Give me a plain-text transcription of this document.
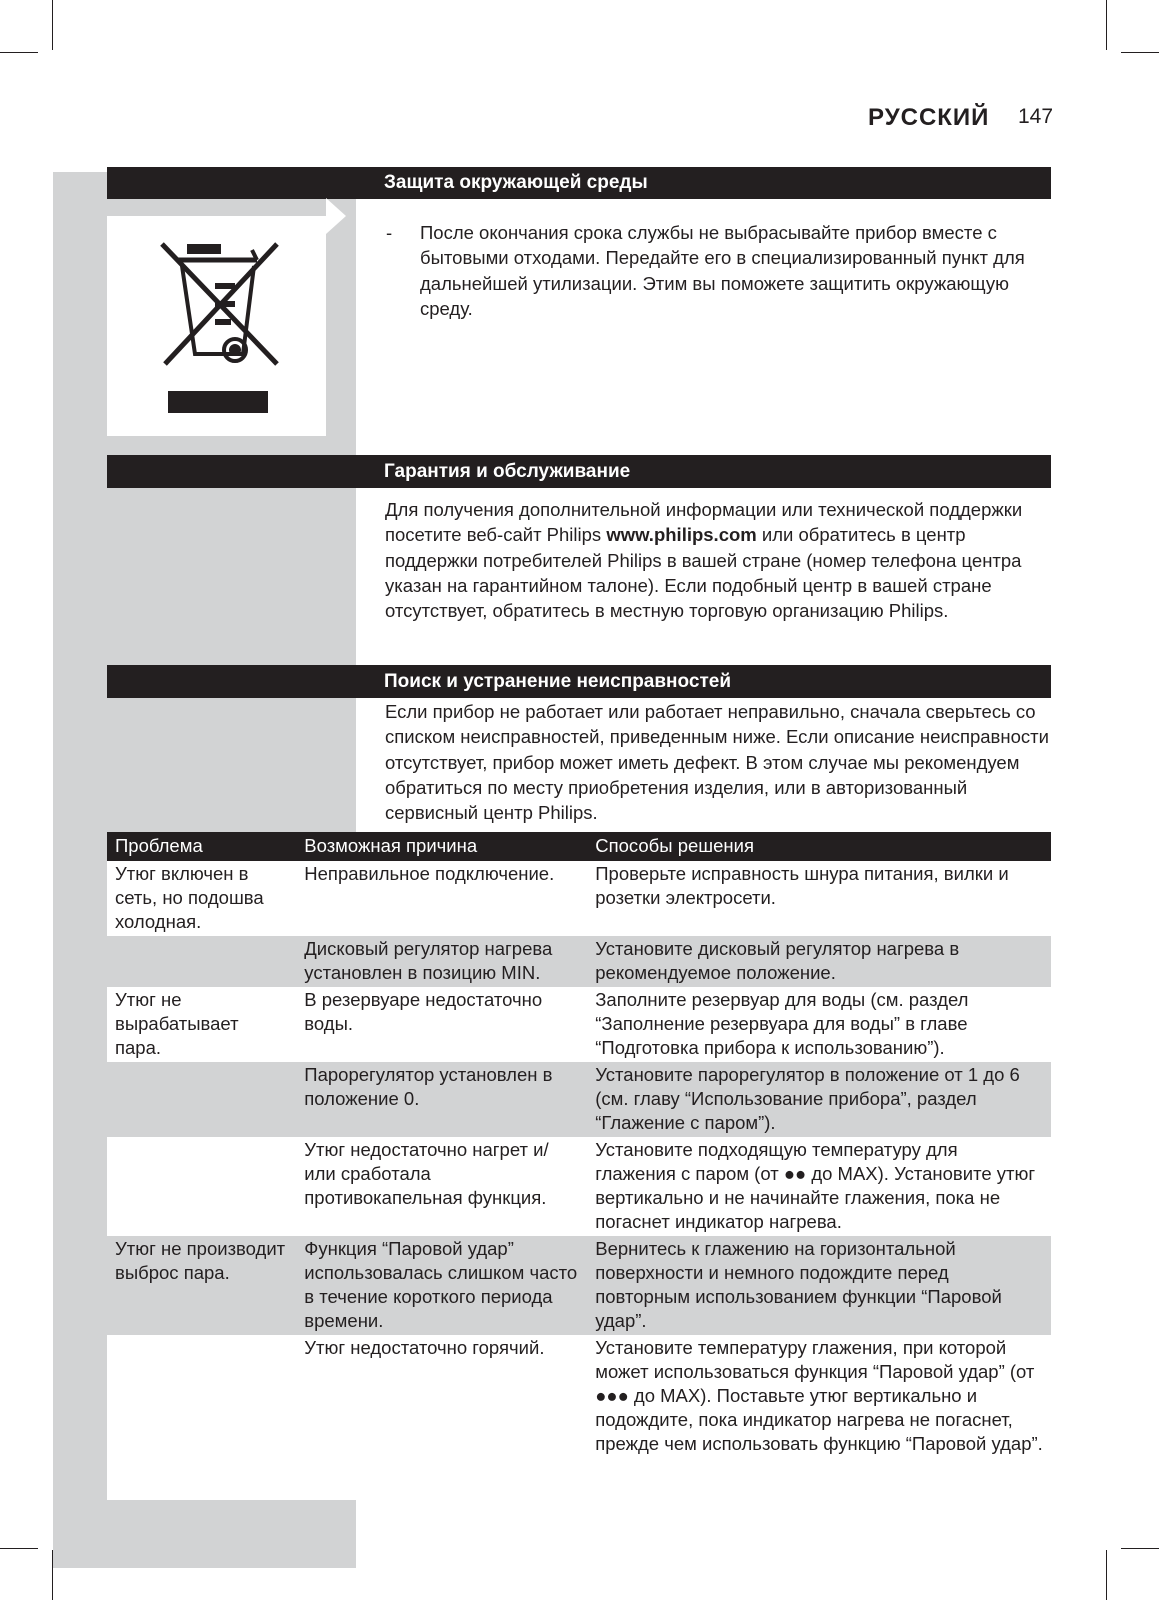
РУССКИЙ 147
Защита окружающей среды
- После окончания срока службы не выбрасывайте прибор вместе с бытовыми отходами. Передайте его в специализированный пункт для дальнейшей утилизации. Этим вы поможете защитить окружающую среду.
Гарантия и обслуживание
Для получения дополнительной информации или технической поддержки посетите веб-сайт Philips www.philips.com или обратитесь в центр поддержки потребителей Philips в вашей стране (номер телефона центра указан на гарантийном талоне). Если подобный центр в вашей стране отсутствует, обратитесь в местную торговую организацию Philips.
Поиск и устранение неисправностей
Если прибор не работает или работает неправильно, сначала сверьтесь со списком неисправностей, приведенным ниже. Если описание неисправности отсутствует, прибор может иметь дефект. В этом случае мы рекомендуем обратиться по месту приобретения изделия, или в авторизованный сервисный центр Philips.
Проблема	Возможная причина	Способы решения
Утюг включен в сеть, но подошва холодная.	Неправильное подключение.	Проверьте исправность шнура питания, вилки и розетки электросети.
	Дисковый регулятор нагрева установлен в позицию MIN.	Установите дисковый регулятор нагрева в рекомендуемое положение.
Утюг не вырабатывает пара.	В резервуаре недостаточно воды.	Заполните резервуар для воды (см. раздел “Заполнение резервуара для воды” в главе “Подготовка прибора к использованию”).
	Парорегулятор установлен в положение 0.	Установите парорегулятор в положение от 1 до 6 (см. главу “Использование прибора”, раздел “Глажение с паром”).
	Утюг недостаточно нагрет и/или сработала противокапельная функция.	Установите подходящую температуру для глажения с паром (от ●● до MAX). Установите утюг вертикально и не начинайте глажения, пока не погаснет индикатор нагрева.
Утюг не производит выброс пара.	Функция “Паровой удар” использовалась слишком часто в течение короткого периода времени.	Вернитесь к глажению на горизонтальной поверхности и немного подождите перед повторным использованием функции “Паровой удар”.
	Утюг недостаточно горячий.	Установите температуру глажения, при которой может использоваться функция “Паровой удар” (от ●●● до MAX). Поставьте утюг вертикально и подождите, пока индикатор нагрева не погаснет, прежде чем использовать функцию “Паровой удар”.
